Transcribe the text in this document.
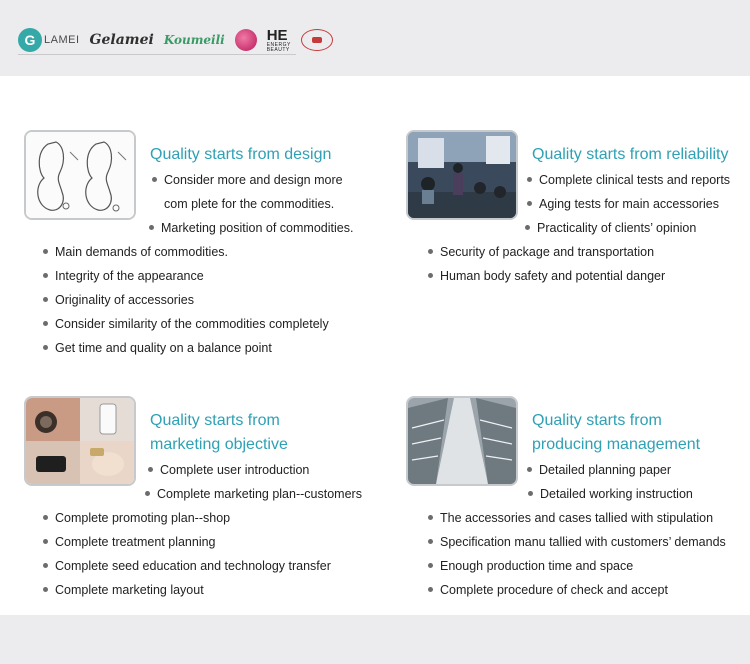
G LAMEI Gelamei Koumeili	HE
ENERGY
BEAUTY
Quality starts from design
Consider more and design more
com plete for the commodities.
Marketing position of commodities.
Main demands of commodities.
Integrity of the appearance
Originality of accessories
Consider similarity of the commodities completely
Get time and quality on a balance point
Quality starts from reliability
Complete clinical tests and reports
Aging tests for main accessories
Practicality of clients’ opinion
Security of package and transportation
Human body safety and potential danger
Quality starts from
marketing objective
Complete user introduction
Complete marketing plan--customers
Complete promoting plan--shop
Complete treatment planning
Complete seed education and technology transfer
Complete marketing layout
Quality starts from
producing management
Detailed planning paper
Detailed working instruction
The accessories and cases tallied with stipulation
Specification manu tallied with customers’ demands
Enough production time and space
Complete procedure of check and accept
